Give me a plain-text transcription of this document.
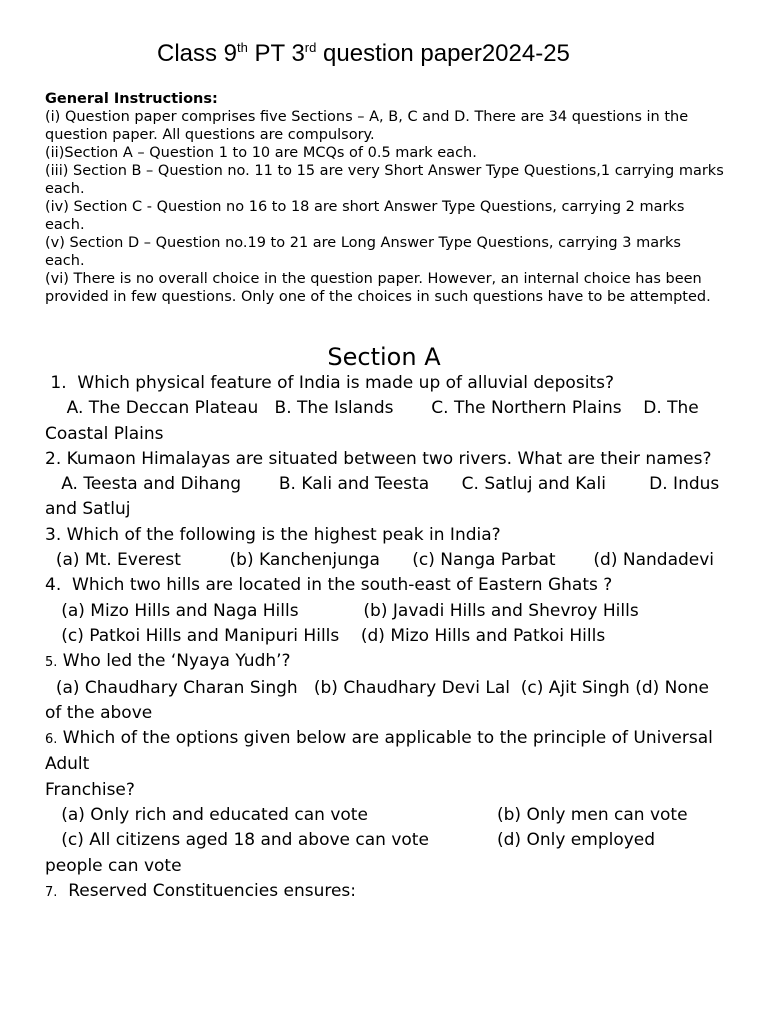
Class 9th PT 3rd question paper2024-25

General Instructions:

(i) Question paper comprises five Sections – A, B, C and D. There are 34 questions in the question paper. All questions are compulsory.

(ii)Section A – Question 1 to 10 are MCQs of 0.5 mark each.

(iii) Section B – Question no. 11 to 15 are very Short Answer Type Questions,1 carrying marks each.

(iv) Section C - Question no 16 to 18 are short Answer Type Questions, carrying 2 marks each.

(v) Section D – Question no.19 to 21 are Long Answer Type Questions, carrying 3 marks each.

(vi) There is no overall choice in the question paper. However, an internal choice has been provided in few questions. Only one of the choices in such questions have to be attempted.

Section A

1.  Which physical feature of India is made up of alluvial deposits?

A. The Deccan Plateau   B. The Islands       C. The Northern Plains    D. The Coastal Plains

2. Kumaon Himalayas are situated between two rivers. What are their names?

A. Teesta and Dihang       B. Kali and Teesta      C. Satluj and Kali        D. Indus and Satluj

3. Which of the following is the highest peak in India?

(a) Mt. Everest         (b) Kanchenjunga      (c) Nanga Parbat       (d) Nandadevi

4.  Which two hills are located in the south-east of Eastern Ghats ?

(a) Mizo Hills and Naga Hills            (b) Javadi Hills and Shevroy Hills

(c) Patkoi Hills and Manipuri Hills    (d) Mizo Hills and Patkoi Hills

5. Who led the ‘Nyaya Yudh’?

(a) Chaudhary Charan Singh   (b) Chaudhary Devi Lal  (c) Ajit Singh (d) None of the above

6. Which of the options given below are applicable to the principle of Universal Adult

Franchise?

(a) Only rich and educated can vote	(b) Only men can vote
(c) All citizens aged 18 and above can vote	(d) Only employed

people can vote

7.  Reserved Constituencies ensures:
